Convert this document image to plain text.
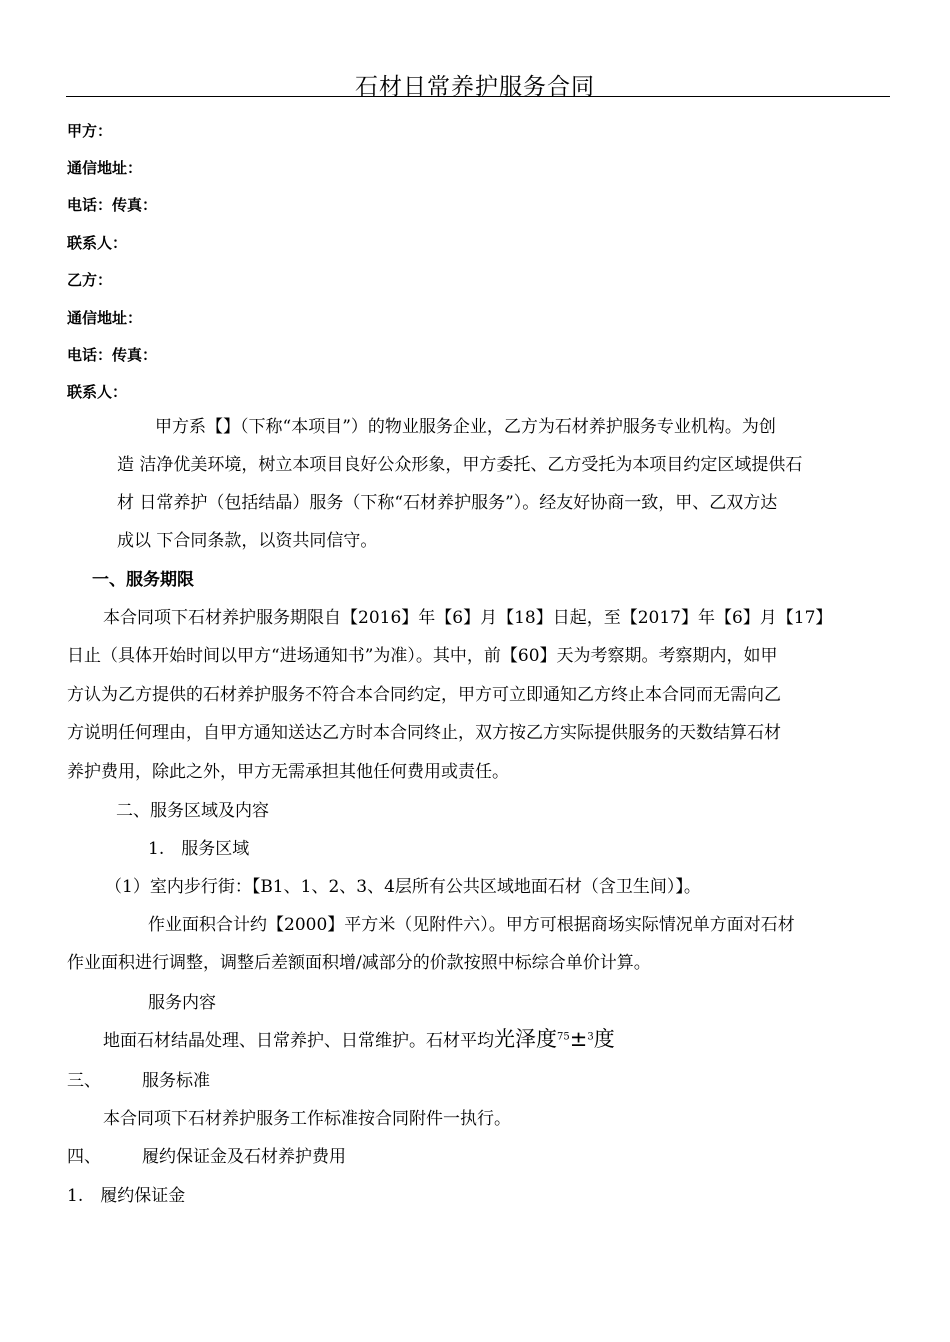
石材日常养护服务合同
甲方：
通信地址：
电话：传真：
联系人：
乙方：
通信地址：
电话：传真：
联系人：
甲方系【】（下称“本项目”）的物业服务企业，乙方为石材养护服务专业机构。为创
造 洁净优美环境，树立本项目良好公众形象，甲方委托、乙方受托为本项目约定区域提供石
材 日常养护（包括结晶）服务（下称“石材养护服务”）。经友好协商一致，甲、乙双方达
成以 下合同条款，以资共同信守。
一、服务期限
本合同项下石材养护服务期限自【2016】年【6】月【18】日起，至【2017】年【6】月【17】
日止（具体开始时间以甲方“进场通知书”为准）。其中，前【60】天为考察期。考察期内，如甲
方认为乙方提供的石材养护服务不符合本合同约定，甲方可立即通知乙方终止本合同而无需向乙
方说明任何理由，自甲方通知送达乙方时本合同终止，双方按乙方实际提供服务的天数结算石材
养护费用，除此之外，甲方无需承担其他任何费用或责任。
二、服务区域及内容
1.　服务区域
（1）室内步行街：【B1、1、2、3、4层所有公共区域地面石材（含卫生间）】。
作业面积合计约【2000】平方米（见附件六）。甲方可根据商场实际情况单方面对石材
作业面积进行调整，调整后差额面积增/减部分的价款按照中标综合单价计算。
服务内容
地面石材结晶处理、日常养护、日常维护。石材平均光泽度$^{75}$±$^3$度
三、 服务标准
本合同项下石材养护服务工作标准按合同附件一执行。
四、 履约保证金及石材养护费用
1.　履约保证金
